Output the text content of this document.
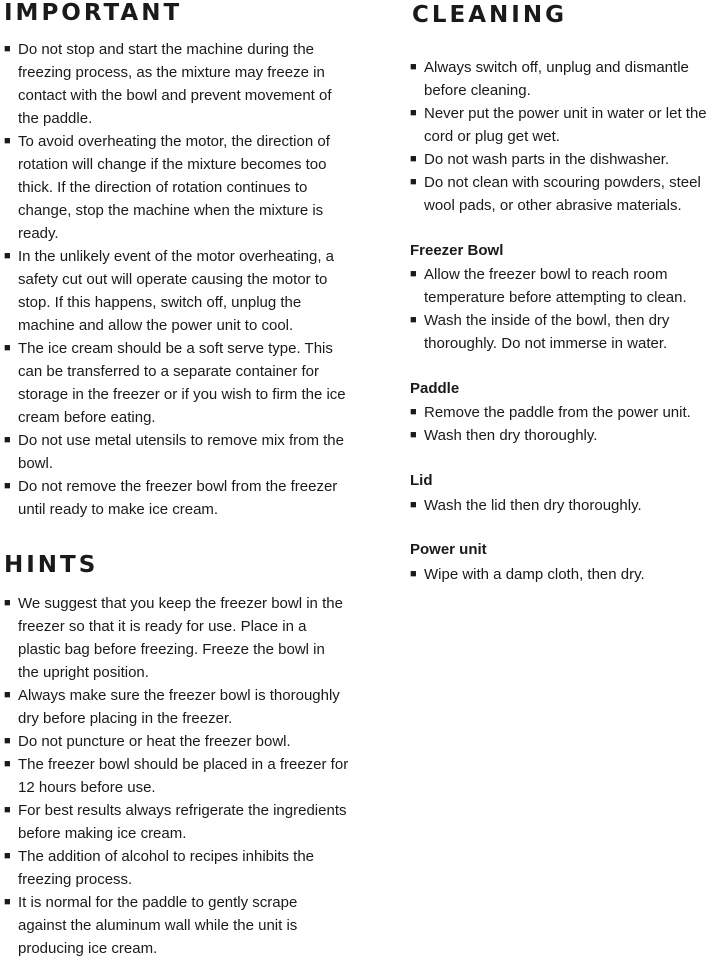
IMPORTANT
■ Do not stop and start the machine during the freezing process, as the mixture may freeze in contact with the bowl and prevent movement of the paddle.
■ To avoid overheating the motor, the direction of rotation will change if the mixture becomes too thick. If the direction of rotation continues to change, stop the machine when the mixture is ready.
■ In the unlikely event of the motor overheating, a safety cut out will operate causing the motor to stop. If this happens, switch off, unplug the machine and allow the power unit to cool.
■ The ice cream should be a soft serve type. This can be transferred to a separate container for storage in the freezer or if you wish to firm the ice cream before eating.
■ Do not use metal utensils to remove mix from the bowl.
■ Do not remove the freezer bowl from the freezer until ready to make ice cream.
HINTS
■ We suggest that you keep the freezer bowl in the freezer so that it is ready for use. Place in a plastic bag before freezing. Freeze the bowl in the upright position.
■ Always make sure the freezer bowl is thoroughly dry before placing in the freezer.
■ Do not puncture or heat the freezer bowl.
■ The freezer bowl should be placed in a freezer for 12 hours before use.
■ For best results always refrigerate the ingredients before making ice cream.
■ The addition of alcohol to recipes inhibits the freezing process.
■ It is normal for the paddle to gently scrape against the aluminum wall while the unit is producing ice cream.
CLEANING
■ Always switch off, unplug and dismantle before cleaning.
■ Never put the power unit in water or let the cord or plug get wet.
■ Do not wash parts in the dishwasher.
■ Do not clean with scouring powders, steel wool pads, or other abrasive materials.
Freezer Bowl
■ Allow the freezer bowl to reach room temperature before attempting to clean.
■ Wash the inside of the bowl, then dry thoroughly. Do not immerse in water.
Paddle
■ Remove the paddle from the power unit.
■ Wash then dry thoroughly.
Lid
■ Wash the lid then dry thoroughly.
Power unit
■ Wipe with a damp cloth, then dry.
